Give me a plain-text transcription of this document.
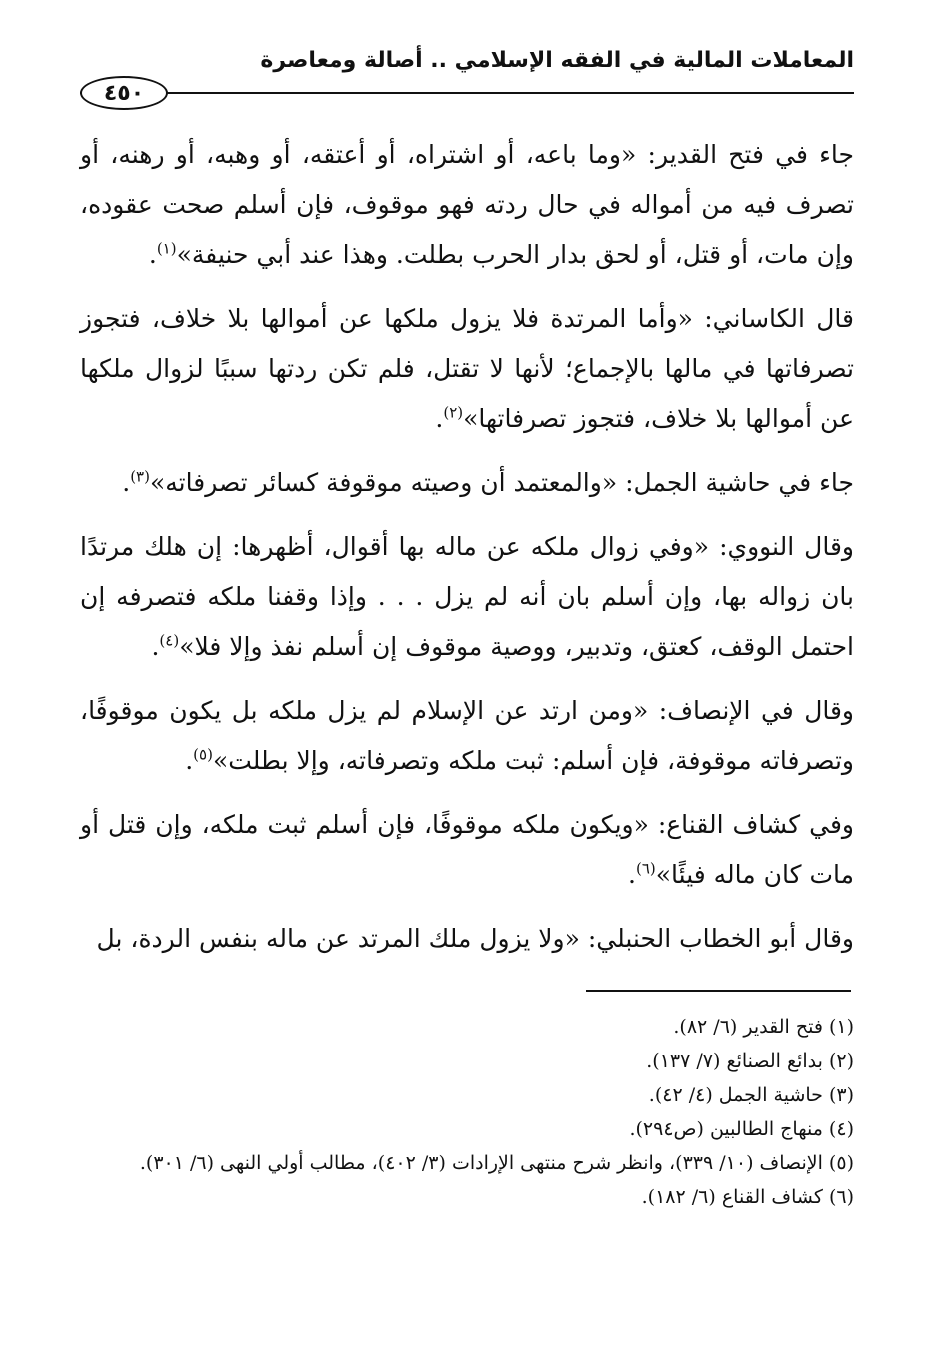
المعاملات المالية في الفقه الإسلامي .. أصالة ومعاصرة
٤٥٠

جاء في فتح القدير: «وما باعه، أو اشتراه، أو أعتقه، أو وهبه، أو رهنه، أو تصرف فيه من أمواله في حال ردته فهو موقوف، فإن أسلم صحت عقوده، وإن مات، أو قتل، أو لحق بدار الحرب بطلت. وهذا عند أبي حنيفة»$^{(١)}$.

قال الكاساني: «وأما المرتدة فلا يزول ملكها عن أموالها بلا خلاف، فتجوز تصرفاتها في مالها بالإجماع؛ لأنها لا تقتل، فلم تكن ردتها سببًا لزوال ملكها عن أموالها بلا خلاف، فتجوز تصرفاتها»$^{(٢)}$.

جاء في حاشية الجمل: «والمعتمد أن وصيته موقوفة كسائر تصرفاته»$^{(٣)}$.

وقال النووي: «وفي زوال ملكه عن ماله بها أقوال، أظهرها: إن هلك مرتدًا بان زواله بها، وإن أسلم بان أنه لم يزل . . . وإذا وقفنا ملكه فتصرفه إن احتمل الوقف، كعتق، وتدبير، ووصية موقوف إن أسلم نفذ وإلا فلا»$^{(٤)}$.

وقال في الإنصاف: «ومن ارتد عن الإسلام لم يزل ملكه بل يكون موقوفًا، وتصرفاته موقوفة، فإن أسلم: ثبت ملكه وتصرفاته، وإلا بطلت»$^{(٥)}$.

وفي كشاف القناع: «ويكون ملكه موقوفًا، فإن أسلم ثبت ملكه، وإن قتل أو مات كان ماله فيئًا»$^{(٦)}$.

وقال أبو الخطاب الحنبلي: «ولا يزول ملك المرتد عن ماله بنفس الردة، بل

(١) فتح القدير (٦/ ٨٢).
(٢) بدائع الصنائع (٧/ ١٣٧).
(٣) حاشية الجمل (٤/ ٤٢).
(٤) منهاج الطالبين (ص٢٩٤).
(٥) الإنصاف (١٠/ ٣٣٩)، وانظر شرح منتهى الإرادات (٣/ ٤٠٢)، مطالب أولي النهى (٦/ ٣٠١).
(٦) كشاف القناع (٦/ ١٨٢).
